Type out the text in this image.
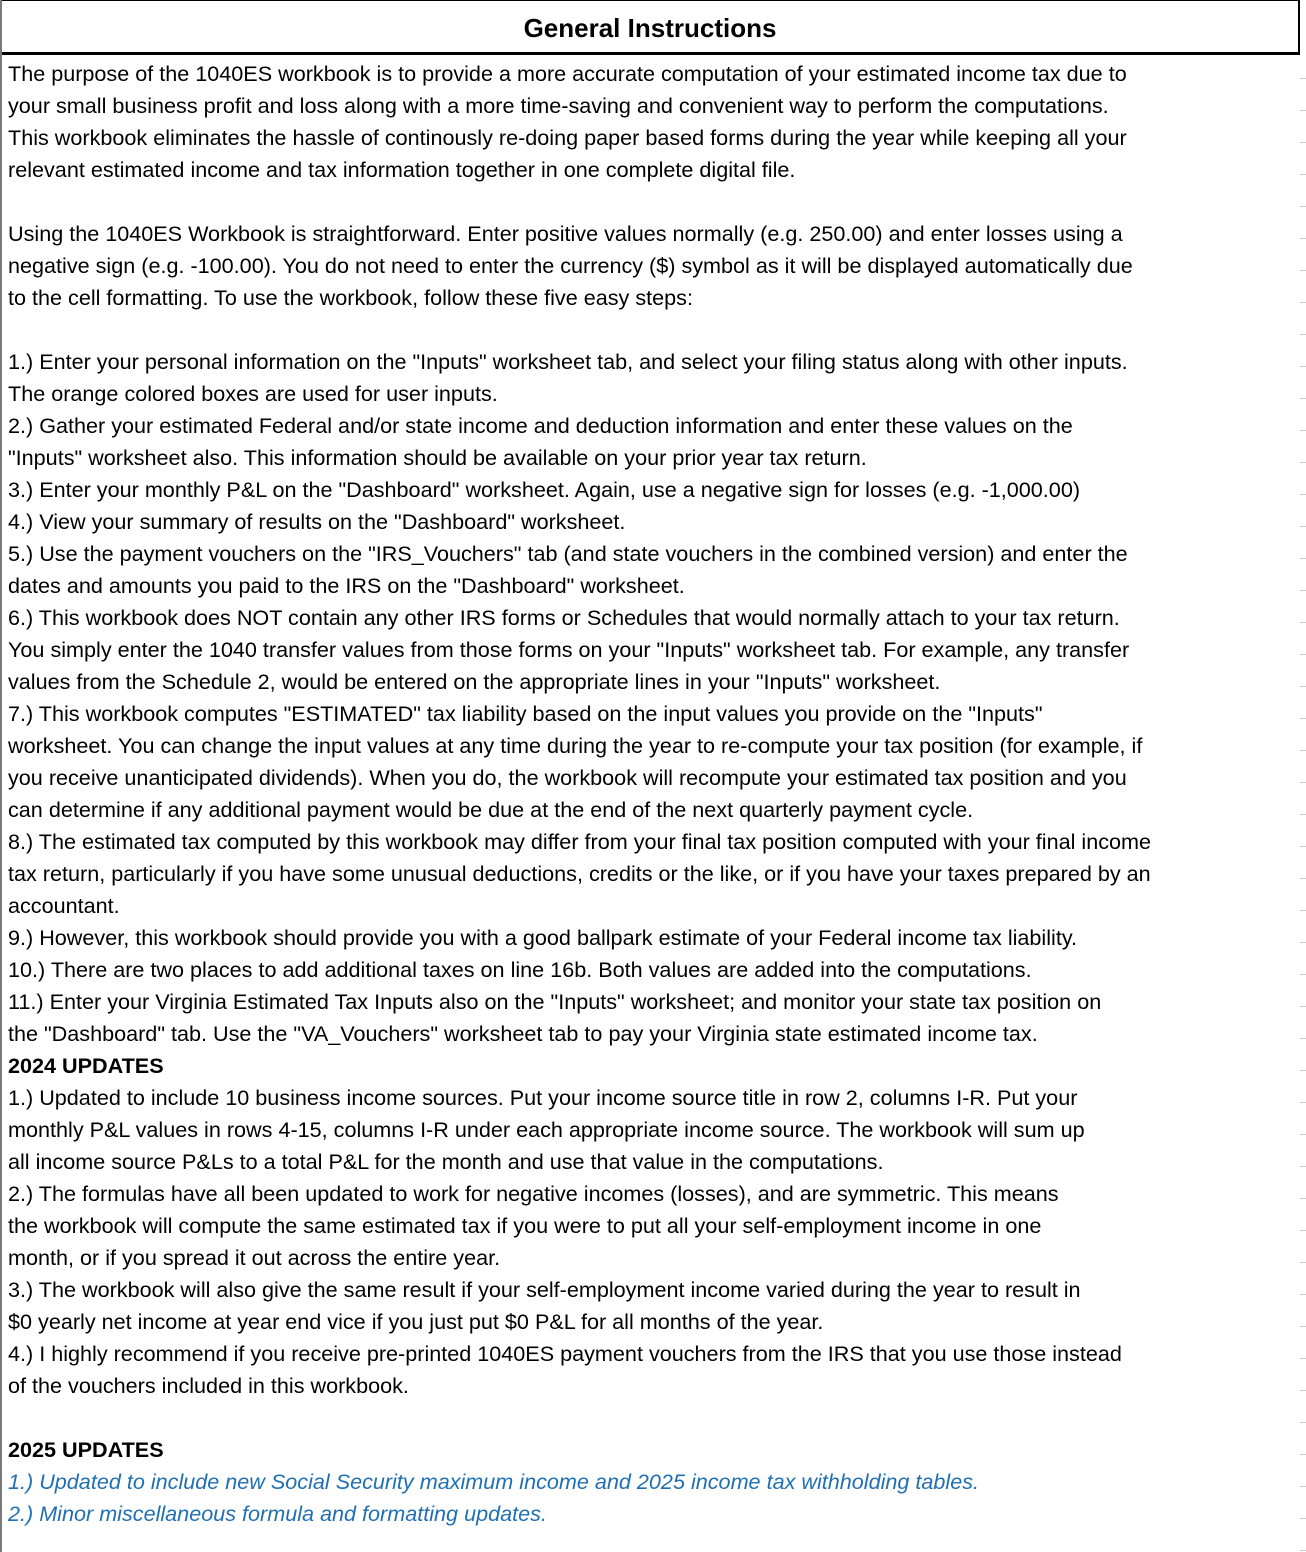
General Instructions
The purpose of the 1040ES workbook is to provide a more accurate computation of your estimated income tax due to
your small business profit and loss along with a more time-saving and convenient way to perform the computations.
This workbook eliminates the hassle of continously re-doing paper based forms during the year while keeping all your
relevant estimated income and tax information together in one complete digital file.
Using the 1040ES Workbook is straightforward. Enter positive values normally (e.g. 250.00) and enter losses using a
negative sign (e.g. -100.00). You do not need to enter the currency ($) symbol as it will be displayed automatically due
to the cell formatting. To use the workbook, follow these five easy steps:
1.) Enter your personal information on the "Inputs" worksheet tab, and select your filing status along with other inputs.
The orange colored boxes are used for user inputs.
2.) Gather your estimated Federal and/or state income and deduction information and enter these values on the
"Inputs" worksheet also. This information should be available on your prior year tax return.
3.) Enter your monthly P&L on the "Dashboard" worksheet. Again, use a negative sign for losses (e.g. -1,000.00)
4.) View your summary of results on the "Dashboard" worksheet.
5.) Use the payment vouchers on the "IRS_Vouchers" tab (and state vouchers in the combined version) and enter the
dates and amounts you paid to the IRS on the "Dashboard" worksheet.
6.) This workbook does NOT contain any other IRS forms or Schedules that would normally attach to your tax return.
You simply enter the 1040 transfer values from those forms on your "Inputs" worksheet tab. For example, any transfer
values from the Schedule 2, would be entered on the appropriate lines in your "Inputs" worksheet.
7.) This workbook computes "ESTIMATED" tax liability based on the input values you provide on the "Inputs"
worksheet. You can change the input values at any time during the year to re-compute your tax position (for example, if
you receive unanticipated dividends). When you do, the workbook will recompute your estimated tax position and you
can determine if any additional payment would be due at the end of the next quarterly payment cycle.
8.) The estimated tax computed by this workbook may differ from your final tax position computed with your final income
tax return, particularly if you have some unusual deductions, credits or the like, or if you have your taxes prepared by an
accountant.
9.) However, this workbook should provide you with a good ballpark estimate of your Federal income tax liability.
10.) There are two places to add additional taxes on line 16b. Both values are added into the computations.
11.) Enter your Virginia Estimated Tax Inputs also on the "Inputs" worksheet; and monitor your state tax position on
the "Dashboard" tab. Use the "VA_Vouchers" worksheet tab to pay your Virginia state estimated income tax.
2024 UPDATES
1.) Updated to include 10 business income sources. Put your income source title in row 2, columns I-R. Put your
monthly P&L values in rows 4-15, columns I-R under each appropriate income source. The workbook will sum up
all income source P&Ls to a total P&L for the month and use that value in the computations.
2.) The formulas have all been updated to work for negative incomes (losses), and are symmetric. This means
the workbook will compute the same estimated tax if you were to put all your self-employment income in one
month, or if you spread it out across the entire year.
3.) The workbook will also give the same result if your self-employment income varied during the year to result in
$0 yearly net income at year end vice if you just put $0 P&L for all months of the year.
4.) I highly recommend if you receive pre-printed 1040ES payment vouchers from the IRS that you use those instead
of the vouchers included in this workbook.
2025 UPDATES
1.) Updated to include new Social Security maximum income and 2025 income tax withholding tables.
2.) Minor miscellaneous formula and formatting updates.
